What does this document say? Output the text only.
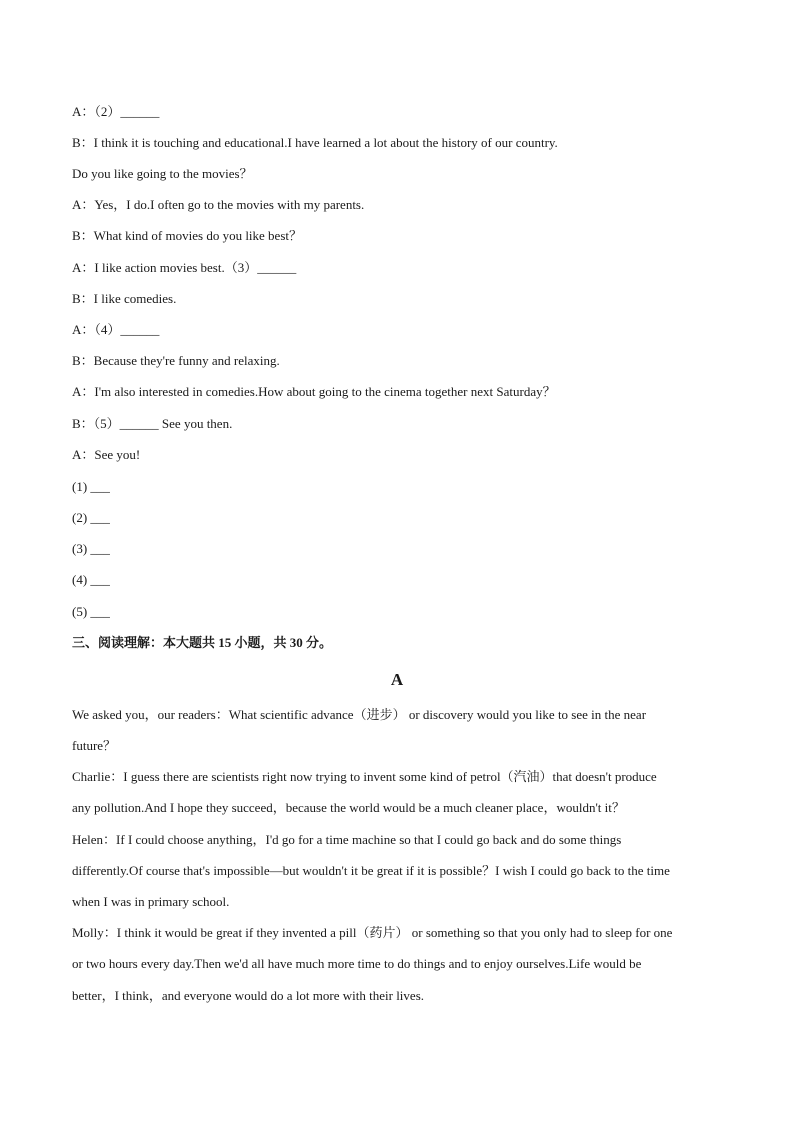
A：（2）______
B：I think it is touching and educational.I have learned a lot about the history of our country.
Do you like going to the movies？
A：Yes，I do.I often go to the movies with my parents.
B：What kind of movies do you like best？
A：I like action movies best.（3）______
B：I like comedies.
A：（4）______
B：Because they're funny and relaxing.
A：I'm also interested in comedies.How about going to the cinema together next Saturday？
B：（5）______ See you then.
A：See you!
(1) ___
(2) ___
(3) ___
(4) ___
(5) ___
三、阅读理解：本大题共 15 小题，共 30 分。
A
We asked you，our readers：What scientific advance（进步） or discovery would you like to see in the near
future？
Charlie：I guess there are scientists right now trying to invent some kind of petrol（汽油）that doesn't produce
any pollution.And I hope they succeed，because the world would be a much cleaner place，wouldn't it？
Helen：If I could choose anything，I'd go for a time machine so that I could go back and do some things
differently.Of course that's impossible—but wouldn't it be great if it is possible？I wish I could go back to the time
when I was in primary school.
Molly：I think it would be great if they invented a pill（药片） or something so that you only had to sleep for one
or two hours every day.Then we'd all have much more time to do things and to enjoy ourselves.Life would be
better，I think，and everyone would do a lot more with their lives.
